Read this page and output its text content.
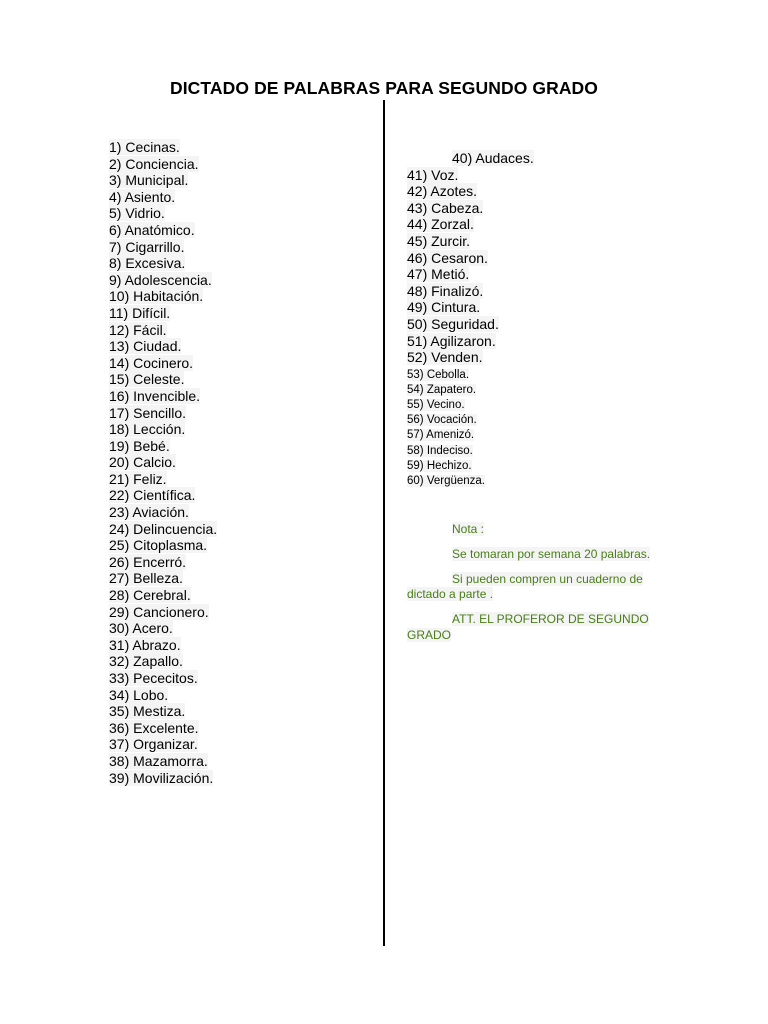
DICTADO DE PALABRAS PARA SEGUNDO GRADO
1) Cecinas.
2) Conciencia.
3) Municipal.
4) Asiento.
5) Vidrio.
6) Anatómico.
7) Cigarrillo.
8) Excesiva.
9) Adolescencia.
10) Habitación.
11) Difícil.
12) Fácil.
13) Ciudad.
14) Cocinero.
15) Celeste.
16) Invencible.
17) Sencillo.
18) Lección.
19) Bebé.
20) Calcio.
21) Feliz.
22) Científica.
23) Aviación.
24) Delincuencia.
25) Citoplasma.
26) Encerró.
27) Belleza.
28) Cerebral.
29) Cancionero.
30) Acero.
31) Abrazo.
32) Zapallo.
33) Pececitos.
34) Lobo.
35) Mestiza.
36) Excelente.
37) Organizar.
38) Mazamorra.
39) Movilización.
40) Audaces.
41) Voz.
42) Azotes.
43) Cabeza.
44) Zorzal.
45) Zurcir.
46) Cesaron.
47) Metió.
48) Finalizó.
49) Cintura.
50) Seguridad.
51) Agilizaron.
52) Venden.
53) Cebolla.
54) Zapatero.
55) Vecino.
56) Vocación.
57) Amenizó.
58) Indeciso.
59) Hechizo.
60) Vergüenza.
Nota :
Se tomaran por semana 20 palabras.
Si pueden compren un cuaderno de dictado a parte .
ATT. EL PROFEROR DE SEGUNDO GRADO
